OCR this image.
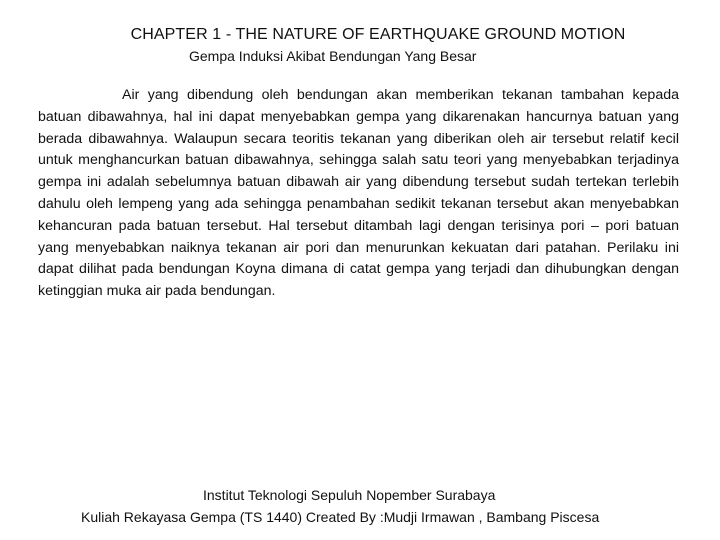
CHAPTER 1 - THE NATURE OF EARTHQUAKE GROUND MOTION
Gempa Induksi Akibat Bendungan Yang Besar

Air yang dibendung oleh bendungan akan memberikan tekanan tambahan kepada batuan dibawahnya, hal ini dapat menyebabkan gempa yang dikarenakan hancurnya batuan yang berada dibawahnya. Walaupun secara teoritis tekanan yang diberikan oleh air tersebut relatif kecil untuk menghancurkan batuan dibawahnya, sehingga salah satu teori yang menyebabkan terjadinya gempa ini adalah sebelumnya batuan dibawah air yang dibendung tersebut sudah tertekan terlebih dahulu oleh lempeng yang ada sehingga penambahan sedikit tekanan tersebut akan menyebabkan kehancuran pada batuan tersebut. Hal tersebut ditambah lagi dengan terisinya pori – pori batuan yang menyebabkan naiknya tekanan air pori dan menurunkan kekuatan dari patahan. Perilaku ini dapat dilihat pada bendungan Koyna dimana di catat gempa yang terjadi dan dihubungkan dengan ketinggian muka air pada bendungan.

Institut Teknologi Sepuluh Nopember Surabaya
Kuliah Rekayasa Gempa (TS 1440) Created By :Mudji Irmawan , Bambang Piscesa
